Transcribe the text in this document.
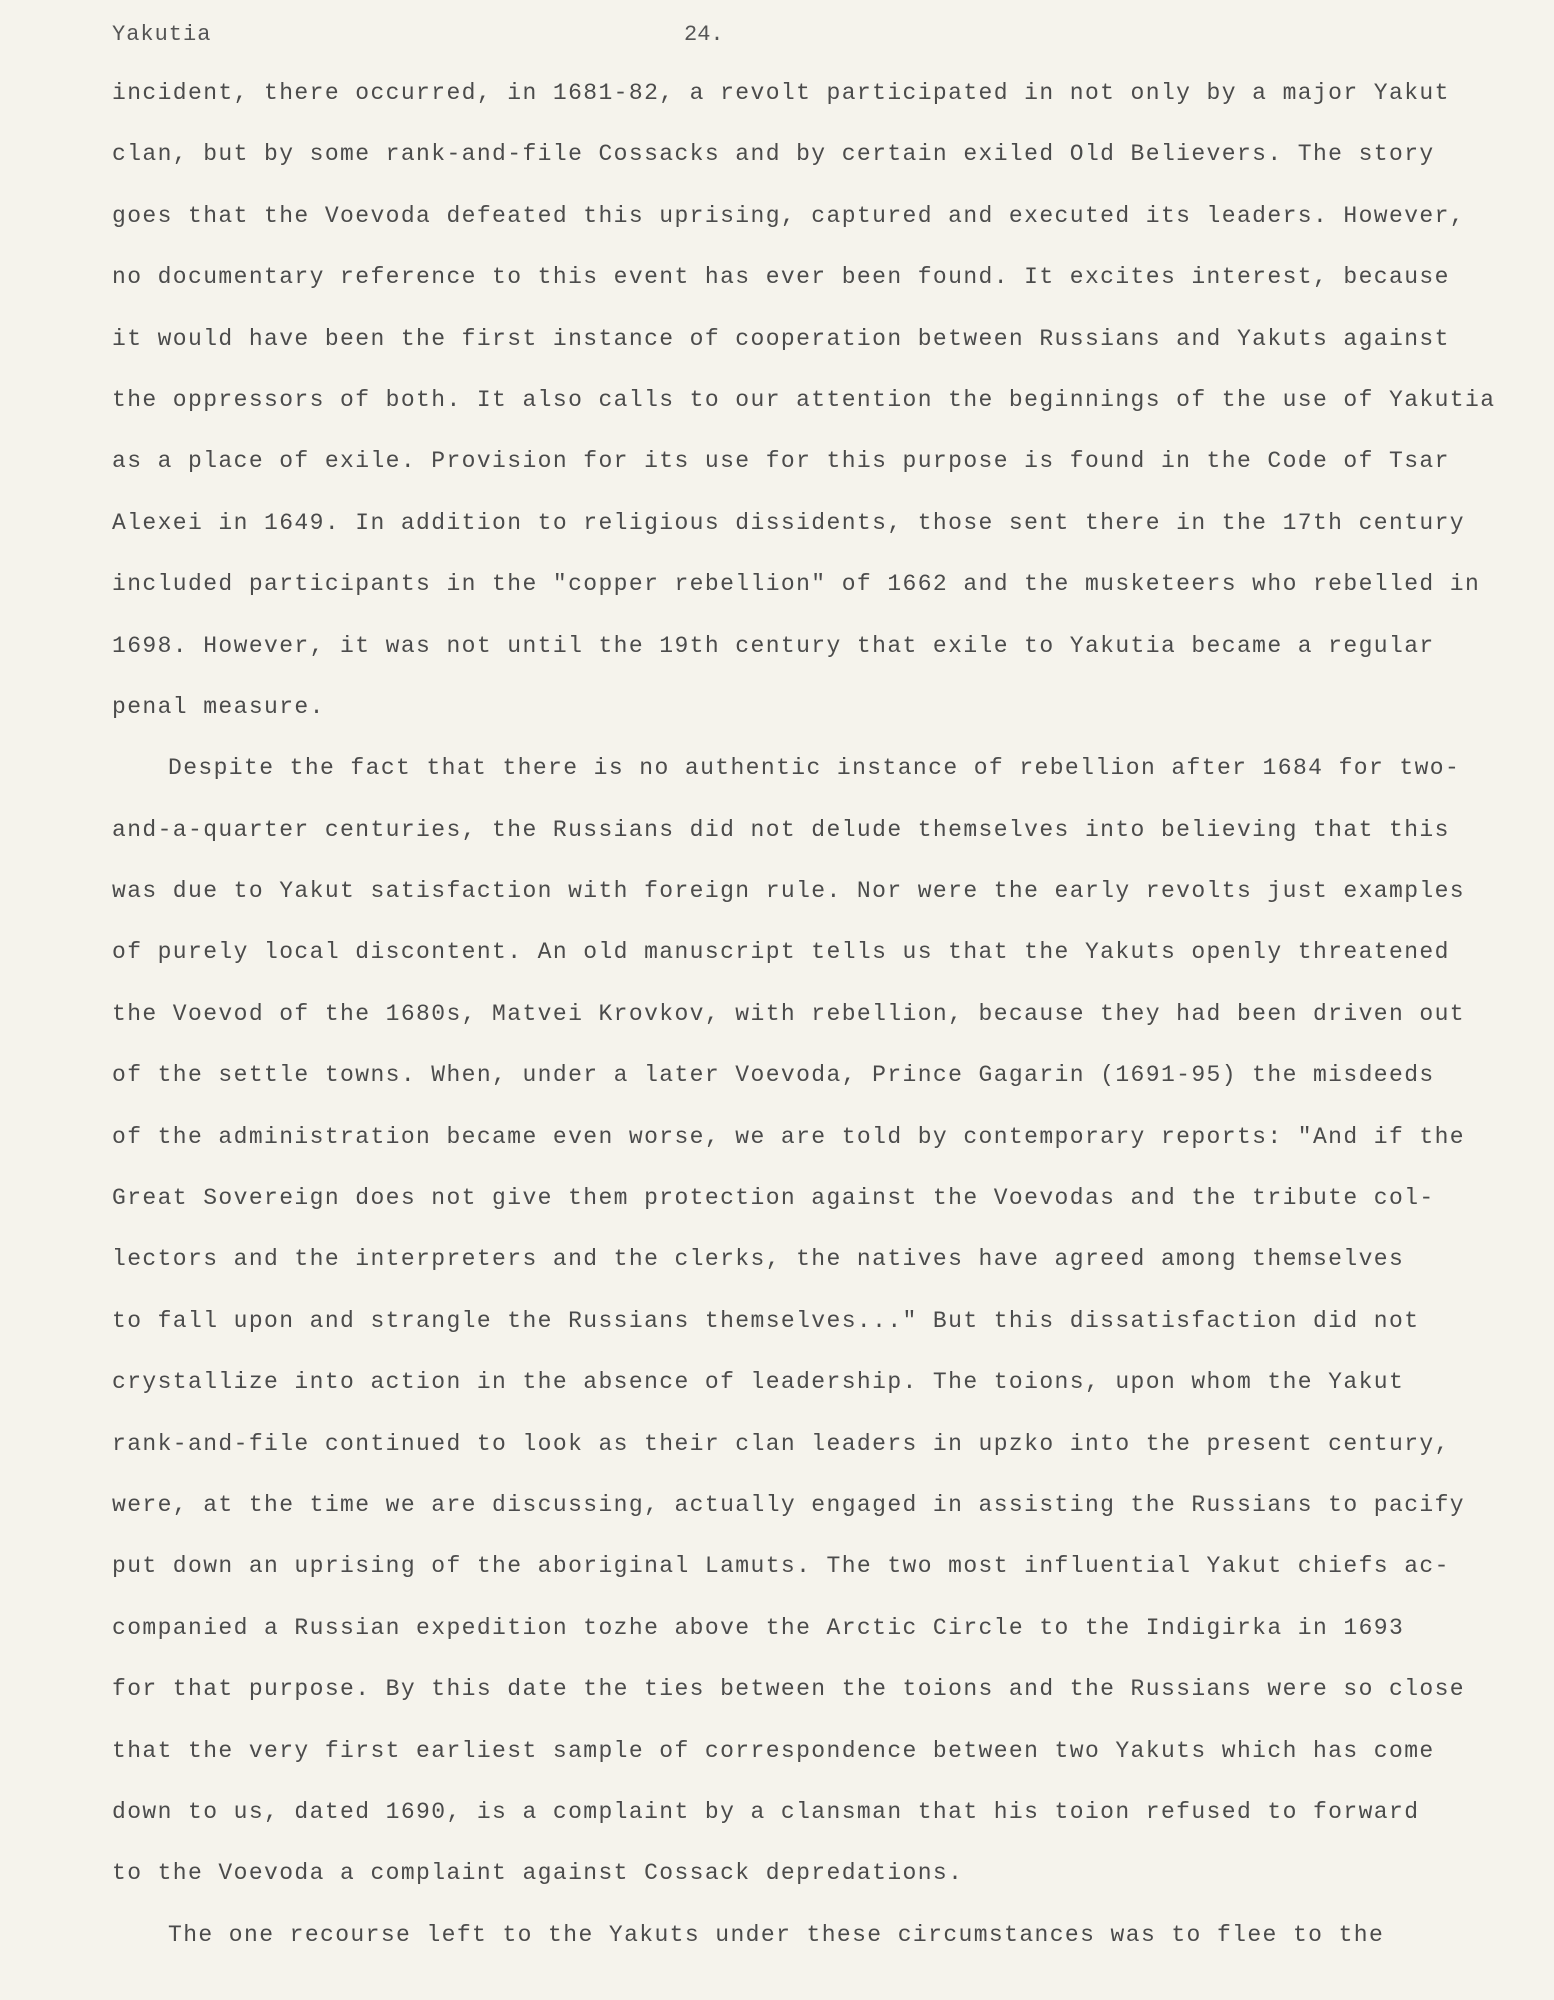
Yakutia	24.
incident, there occurred, in 1681-82, a revolt participated in not only by a major Yakut
clan, but by some rank-and-file Cossacks and by certain exiled Old Believers. The story
goes that the Voevoda defeated this uprising, captured and executed its leaders. However,
no documentary reference to this event has ever been found. It excites interest, because
it would have been the first instance of cooperation between Russians and Yakuts against
the oppressors of both. It also calls to our attention the beginnings of the use of Yakutia
as a place of exile. Provision for its use for this purpose is found in the Code of Tsar
Alexei in 1649. In addition to religious dissidents, those sent there in the 17th century
included participants in the "copper rebellion" of 1662 and the musketeers who rebelled in
1698. However, it was not until the 19th century that exile to Yakutia became a regular
penal measure.
Despite the fact that there is no authentic instance of rebellion after 1684 for two-
and-a-quarter centuries, the Russians did not delude themselves into believing that this
was due to Yakut satisfaction with foreign rule. Nor were the early revolts just examples
of purely local discontent. An old manuscript tells us that the Yakuts openly threatened
the Voevod of the 1680s, Matvei Krovkov, with rebellion, because they had been driven out
of the settle towns. When, under a later Voevoda, Prince Gagarin (1691-95) the misdeeds
of the administration became even worse, we are told by contemporary reports: "And if the
Great Sovereign does not give them protection against the Voevodas and the tribute col-
lectors and the interpreters and the clerks, the natives have agreed among themselves
to fall upon and strangle the Russians themselves..." But this dissatisfaction did not
crystallize into action in the absence of leadership. The toions, upon whom the Yakut
rank-and-file continued to look as their clan leaders in upzko into the present century,
were, at the time we are discussing, actually engaged in assisting the Russians to pacify
put down an uprising of the aboriginal Lamuts. The two most influential Yakut chiefs ac-
companied a Russian expedition tozhe above the Arctic Circle to the Indigirka in 1693
for that purpose. By this date the ties between the toions and the Russians were so close
that the very first earliest sample of correspondence between two Yakuts which has come
down to us, dated 1690, is a complaint by a clansman that his toion refused to forward
to the Voevoda a complaint against Cossack depredations.
The one recourse left to the Yakuts under these circumstances was to flee to the
